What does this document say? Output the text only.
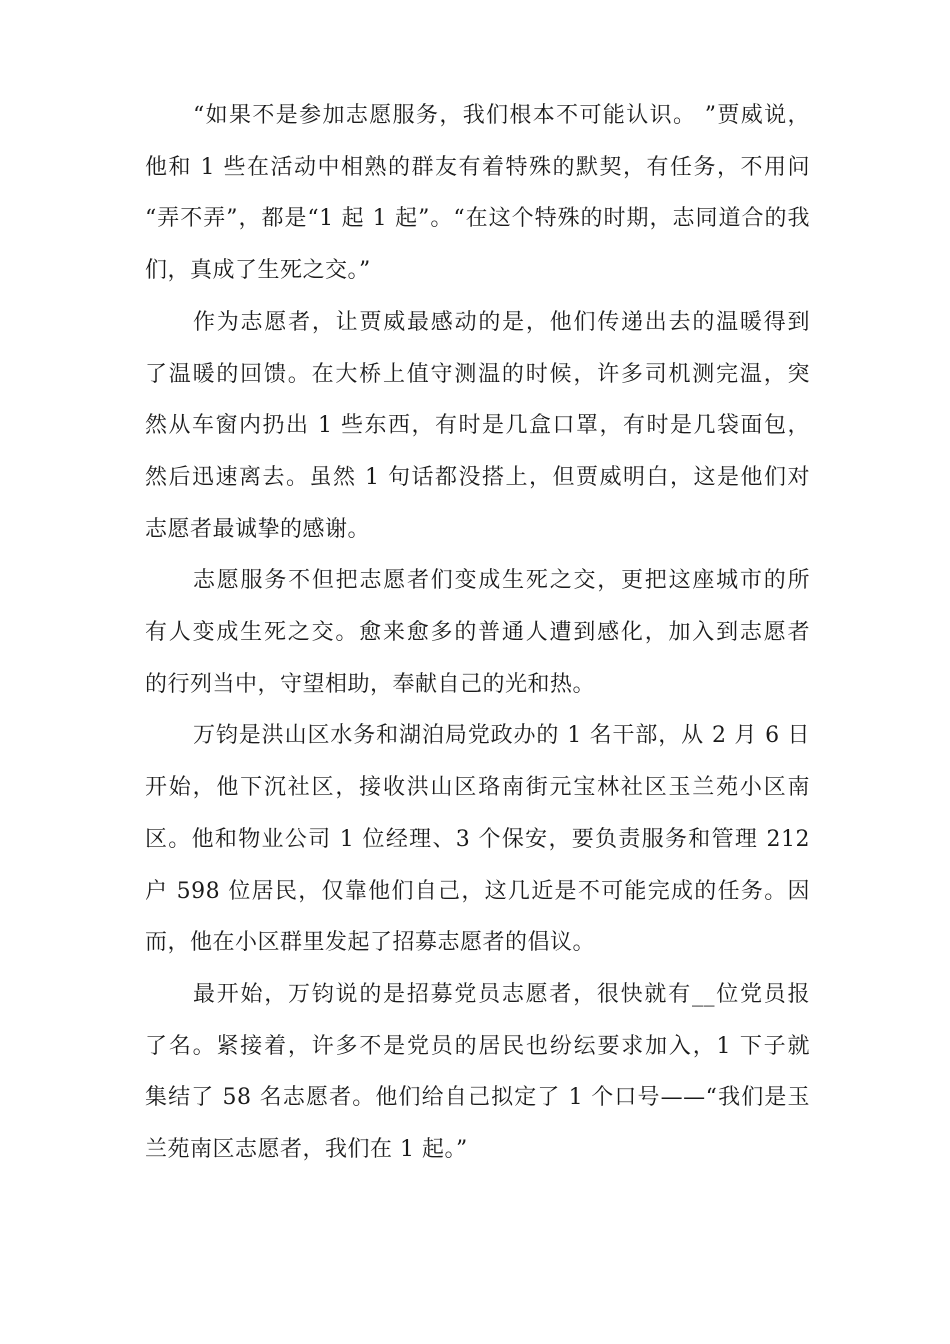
“如果不是参加志愿服务，我们根本不可能认识。 ”贾威说，
他和 1 些在活动中相熟的群友有着特殊的默契，有任务，不用问
“弄不弄”，都是“1 起 1 起”。“在这个特殊的时期，志同道合的我
们，真成了生死之交。”
作为志愿者，让贾威最感动的是，他们传递出去的温暖得到
了温暖的回馈。在大桥上值守测温的时候，许多司机测完温，突
然从车窗内扔出 1 些东西，有时是几盒口罩，有时是几袋面包，
然后迅速离去。虽然 1 句话都没搭上，但贾威明白，这是他们对
志愿者最诚挚的感谢。
志愿服务不但把志愿者们变成生死之交，更把这座城市的所
有人变成生死之交。愈来愈多的普通人遭到感化，加入到志愿者
的行列当中，守望相助，奉献自己的光和热。
万钧是洪山区水务和湖泊局党政办的 1 名干部，从 2 月 6 日
开始，他下沉社区，接收洪山区珞南街元宝林社区玉兰苑小区南
区。他和物业公司 1 位经理、3 个保安，要负责服务和管理 212
户 598 位居民，仅靠他们自己，这几近是不可能完成的任务。因
而，他在小区群里发起了招募志愿者的倡议。
最开始，万钧说的是招募党员志愿者，很快就有__位党员报
了名。紧接着，许多不是党员的居民也纷纭要求加入，1 下子就
集结了 58 名志愿者。他们给自己拟定了 1 个口号——“我们是玉
兰苑南区志愿者，我们在 1 起。”
